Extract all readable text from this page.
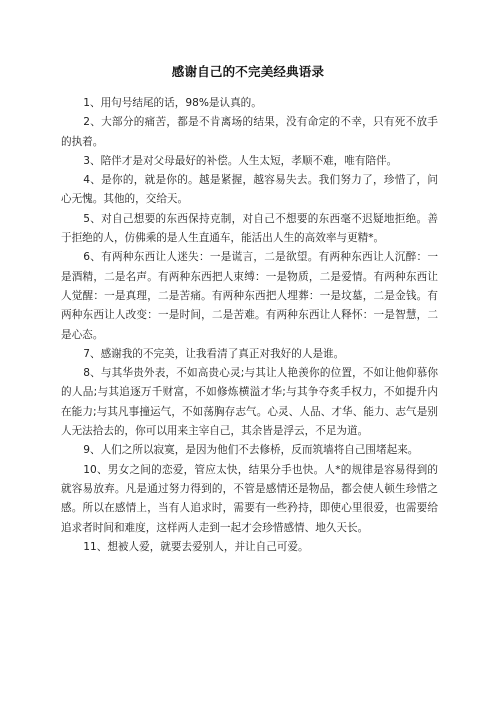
感谢自己的不完美经典语录

1、用句号结尾的话，98%是认真的。

2、大部分的痛苦，都是不肯离场的结果，没有命定的不幸，只有死不放手的执着。

3、陪伴才是对父母最好的补偿。人生太短，孝顺不难，唯有陪伴。

4、是你的，就是你的。越是紧握，越容易失去。我们努力了，珍惜了，问心无愧。其他的，交给天。

5、对自己想要的东西保持克制，对自己不想要的东西毫不迟疑地拒绝。善于拒绝的人，仿佛乘的是人生直通车，能活出人生的高效率与更精*。

6、有两种东西让人迷失：一是谎言，二是欲望。有两种东西让人沉醉：一是酒精，二是名声。有两种东西把人束缚：一是物质，二是爱情。有两种东西让人觉醒：一是真理，二是苦痛。有两种东西把人埋葬：一是坟墓，二是金钱。有两种东西让人改变：一是时间，二是苦难。有两种东西让人释怀：一是智慧，二是心态。

7、感谢我的不完美，让我看清了真正对我好的人是谁。

8、与其华贵外表，不如高贵心灵;与其让人艳羡你的位置，不如让他仰慕你的人品;与其追逐万千财富，不如修炼横溢才华;与其争夺炙手权力，不如提升内在能力;与其凡事撞运气，不如荡胸存志气。心灵、人品、才华、能力、志气是别人无法拾去的，你可以用来主宰自己，其余皆是浮云，不足为道。

9、人们之所以寂寞，是因为他们不去修桥，反而筑墙将自己围堵起来。

10、男女之间的恋爱，管应太快，结果分手也快。人*的规律是容易得到的就容易放弃。凡是通过努力得到的，不管是感情还是物品，都会使人顿生珍惜之感。所以在感情上，当有人追求时，需要有一些矜持，即使心里很爱，也需要给追求者时间和难度，这样两人走到一起才会珍惜感情、地久天长。

11、想被人爱，就要去爱别人，并让自己可爱。
